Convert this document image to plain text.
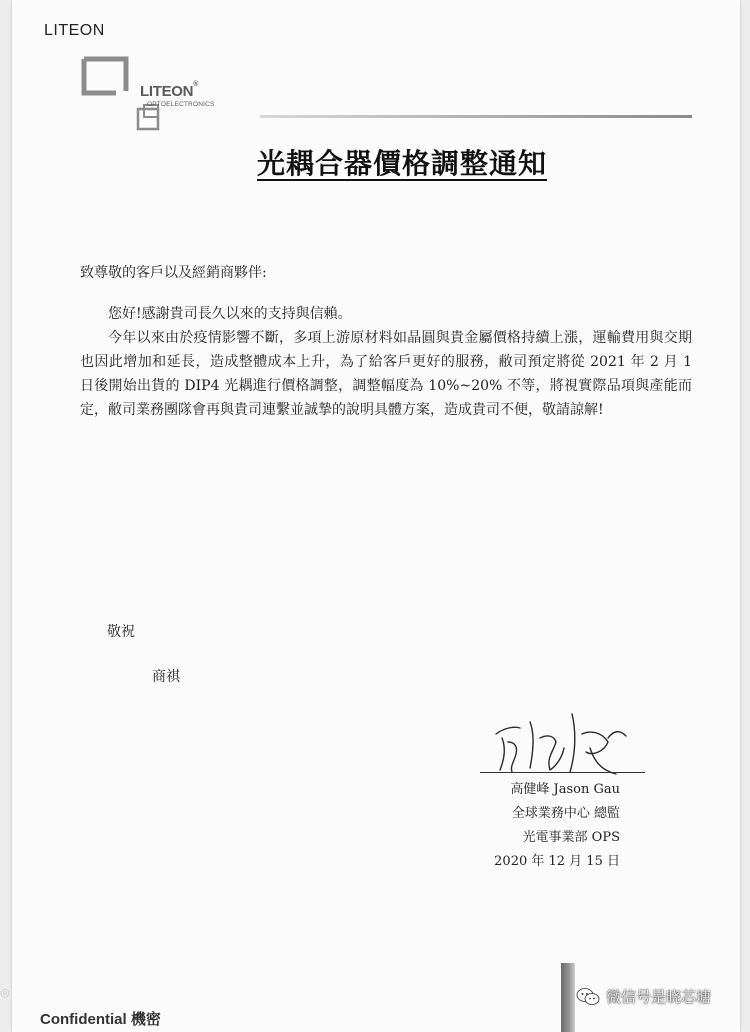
LITEON
LITEON®
OPTOELECTRONICS
光耦合器價格調整通知
致尊敬的客戶以及經銷商夥伴:

您好!感謝貴司長久以來的支持與信賴。

今年以來由於疫情影響不斷，多項上游原材料如晶圓與貴金屬價格持續上漲，運輸費用與交期也因此增加和延長，造成整體成本上升，為了給客戶更好的服務，敝司預定將從 2021 年 2 月 1 日後開始出貨的 DIP4 光耦進行價格調整，調整幅度為 10%~20% 不等，將視實際品項與產能而定，敝司業務團隊會再與貴司連繫並誠摯的說明具體方案，造成貴司不便，敬請諒解!

敬祝
商祺
高健峰 Jason Gau
全球業務中心 總監
光電事業部 OPS
2020 年 12 月 15 日
Confidential 機密
◎	微信号是晓芯塘
